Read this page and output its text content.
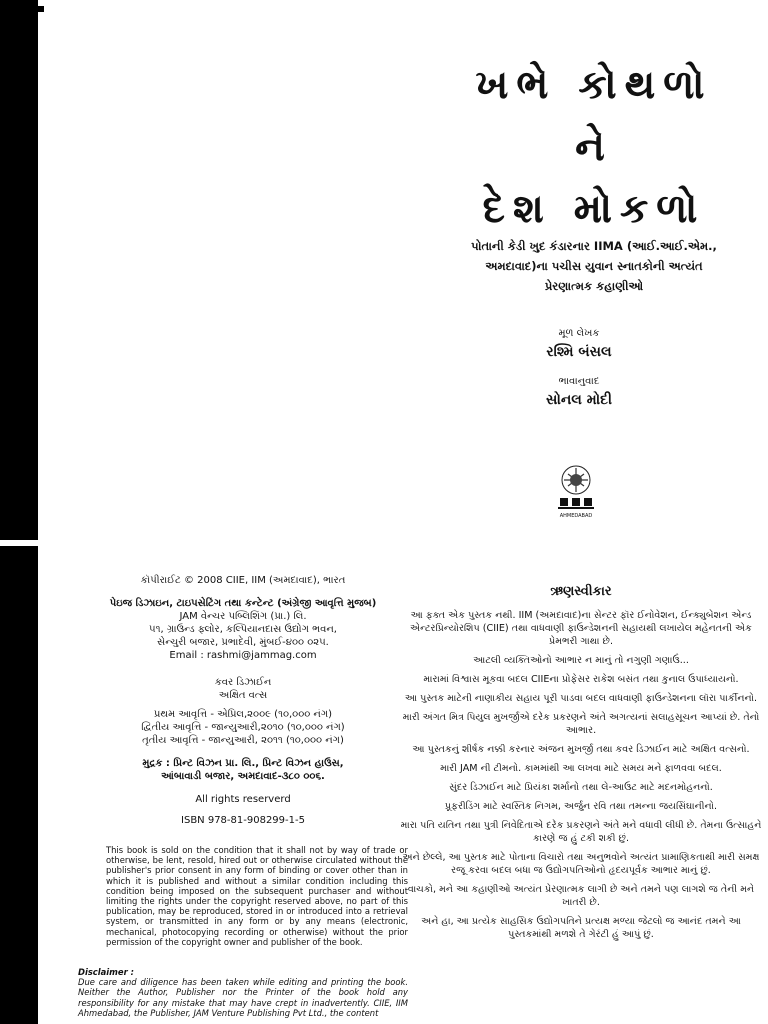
ખભે કોથળો
ને
દેશ મોકળો
પોતાની કેડી ખુદ કંડારનાર IIMA (આઈ.આઈ.એમ.,
અમદાવાદ)ના પચીસ યુવાન સ્નાતકોની અત્યંત
પ્રેરણાત્મક કહાણીઓ
મૂળ લેખક
રશ્મિ બંસલ
ભાવાનુવાદ
સોનલ મોદી
AHMEDABAD

કૉપીરાઈટ © 2008 CIIE, IIM (અમદાવાદ), ભારત

પેઇજ ડિઝાઇન, ટાઇપસેટિંગ તથા કન્ટેન્ટ (અંગ્રેજી આવૃત્તિ મુજબ)

JAM વેન્ચર પબ્લિશિંગ (પ્રા.) લિ.

૫૧, ગ્રાઉન્ડ ફ્લોર, કલ્પિયાનદાસ ઉદ્યોગ ભવન,

સેન્ચુરી બજાર, પ્રભાદેવી, મુંબઈ-૪૦૦ ૦૨૫.

Email : rashmi@jammag.com

કવર ડિઝાઈન

અક્ષિત વત્સ

પ્રથમ આવૃત્તિ - એપ્રિલ,૨૦૦૯ (૧૦,૦૦૦ નંગ)

દ્વિતીય આવૃત્તિ - જાન્યુઆરી,૨૦૧૦ (૧૦,૦૦૦ નંગ)

તૃતીય આવૃત્તિ - જાન્યુઆરી, ૨૦૧૧ (૧૦,૦૦૦ નંગ)

મુદ્રક : પ્રિન્ટ વિઝન પ્રા. લિ., પ્રિન્ટ વિઝન હાઉસ,

આંબાવાડી બજાર, અમદાવાદ-૩૮૦ ૦૦૬.

All rights reserverd

ISBN 978-81-908299-1-5

This book is sold on the condition that it shall not by way of trade or otherwise, be lent, resold, hired out or otherwise circulated without the publisher's prior consent in any form of binding or cover other than in which it is published and without a similar condition including this condition being imposed on the subsequent purchaser and without limiting the rights under the copyright reserved above, no part of this publication, may be reproduced, stored in or introduced into a retrieval system, or transmitted in any form or by any means (electronic, mechanical, photocopying recording or otherwise) without the prior permission of the copyright owner and publisher of the book.

Disclaimer :

Due care and diligence has been taken while editing and printing the book. Neither the Author, Publisher nor the Printer of the book hold any responsibility for any mistake that may have crept in inadvertently. CIIE, IIM Ahmedabad, the Publisher, JAM Venture Publishing Pvt Ltd., the content

ઋણસ્વીકાર

આ ફક્ત એક પુસ્તક નથી. IIM (અમદાવાદ)ના સેન્ટર ફૉર ઈનોવેશન, ઈન્ક્યુબેશન એન્ડ એન્ટરપ્રિન્યોરશિપ (CIIE) તથા વાધવાણી ફાઉન્ડેશનની સહાયથી લખાયેલ મહેનતની એક પ્રેમભરી ગાથા છે.

આટલી વ્યક્તિઓનો આભાર ન માનું તો નગુણી ગણાઉં...

મારામાં વિશ્વાસ મૂકવા બદલ CIIEના પ્રોફેસર રાકેશ બસંત તથા કુનાલ ઉપાધ્યાયનો.

આ પુસ્તક માટેની નાણાકીય સહાય પૂરી પાડવા બદલ વાધવાણી ફાઉન્ડેશનના લૉરા પાર્કીનનો.

મારી અંગત મિત્ર પિયુલ મુખર્જીએ દરેક પ્રકરણને અંતે અગત્યનાં સલાહસૂચન આપ્યાં છે. તેનો આભાર.

આ પુસ્તકનું શીર્ષક નક્કી કરનાર અંજન મુખર્જી તથા કવર ડિઝાઈન માટે અક્ષિત વત્સનો.

મારી JAM ની ટીમનો. કામમાંથી આ લખવા માટે સમય મને ફાળવવા બદલ.

સુંદર ડિઝાઈન માટે પ્રિયંકા શર્માનો તથા લે-આઉટ માટે મદનમોહનનો.

પ્રૂફરીડિંગ માટે સ્વસ્તિક નિગમ, અર્જુન રવિ તથા તમન્ના જયસિંઘાનીનો.

મારા પતિ યતિન તથા પુત્રી નિવેદિતાએ દરેક પ્રકરણને અંતે મને વધાવી લીધી છે. તેમના ઉત્સાહને કારણે જ હું ટકી શકી છું.

અને છેલ્લે, આ પુસ્તક માટે પોતાના વિચારો તથા અનુભવોને અત્યંત પ્રામાણિકતાથી મારી સમક્ષ રજૂ કરવા બદલ બધા જ ઉદ્યોગપતિઓનો હૃદયપૂર્વક આભાર માનું છું.

વાચકો, મને આ કહાણીઓ અત્યંત પ્રેરણાત્મક લાગી છે અને તમને પણ લાગશે જ તેની મને ખાતરી છે.

અને હા, આ પ્રત્યેક સાહસિક ઉદ્યોગપતિને પ્રત્યક્ષ મળ્યા જેટલો જ આનંદ તમને આ પુસ્તકમાંથી મળશે તે ગેરંટી હું આપું છું.
